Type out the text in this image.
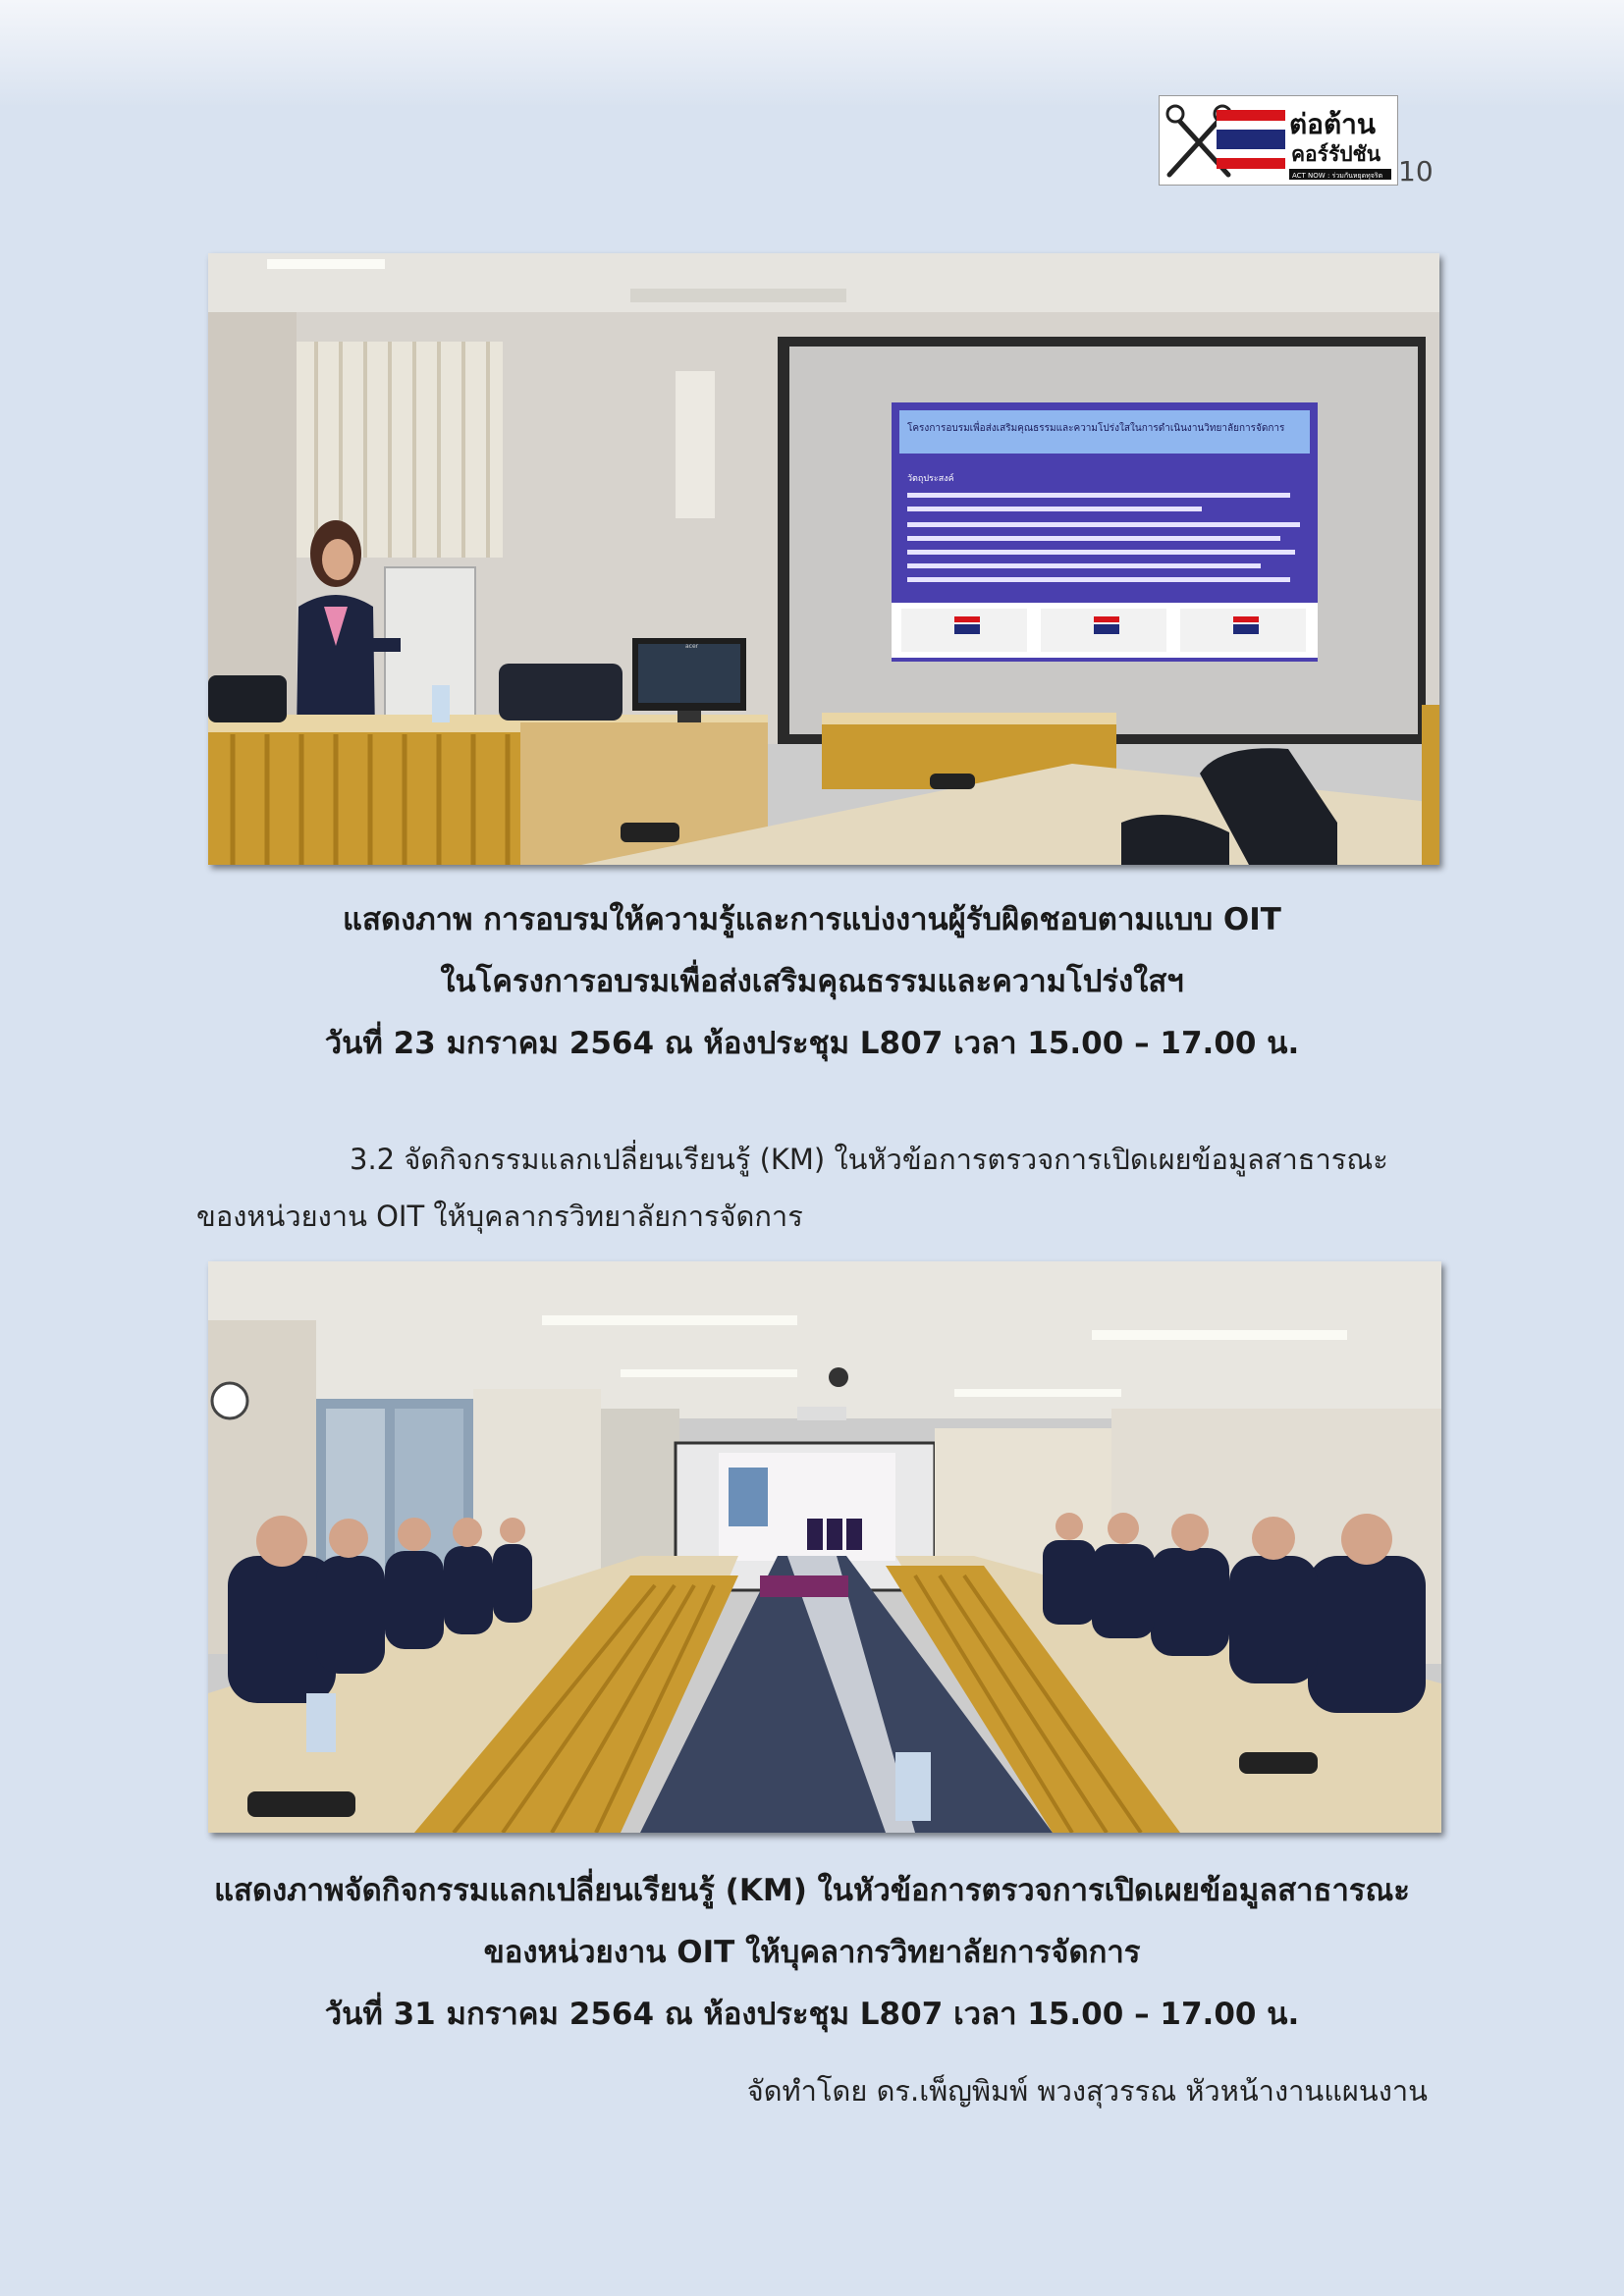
ต่อต้าน
คอร์รัปชัน
ACT NOW : ร่วมกันหยุดทุจริต 10
โครงการอบรมเพื่อส่งเสริมคุณธรรมและความโปร่งใสในการดำเนินงานวิทยาลัยการจัดการ
วัตถุประสงค์
acer
แสดงภาพ การอบรมให้ความรู้และการแบ่งงานผู้รับผิดชอบตามแบบ OIT
ในโครงการอบรมเพื่อส่งเสริมคุณธรรมและความโปร่งใสฯ
วันที่ 23 มกราคม 2564 ณ ห้องประชุม L807 เวลา 15.00 – 17.00 น.
3.2 จัดกิจกรรมแลกเปลี่ยนเรียนรู้ (KM) ในหัวข้อการตรวจการเปิดเผยข้อมูลสาธารณะ
ของหน่วยงาน OIT ให้บุคลากรวิทยาลัยการจัดการ
แสดงภาพจัดกิจกรรมแลกเปลี่ยนเรียนรู้ (KM) ในหัวข้อการตรวจการเปิดเผยข้อมูลสาธารณะ
ของหน่วยงาน OIT ให้บุคลากรวิทยาลัยการจัดการ
วันที่ 31 มกราคม 2564 ณ ห้องประชุม L807 เวลา 15.00 – 17.00 น.
จัดทำโดย ดร.เพ็ญพิมพ์ พวงสุวรรณ หัวหน้างานแผนงาน
